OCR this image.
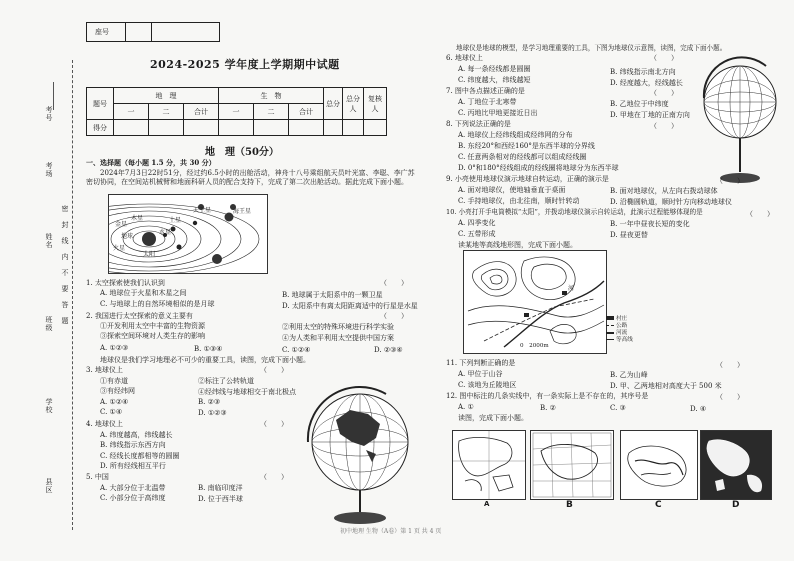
座号
2024-2025 学年度上学期期中试题
题号	地　理			生　物			总分	总分人	复核人
	一	二	合计	一	二	合计			
得分									
考号
考场
姓名
班级
学校
县区
密　封　线　内　不　要　答　题
地　理（50分）
一、选择题（每小题 1.5 分，共 30 分）
2024年7月3日22时51分，经过约6.5小时的出舱活动，神舟十八号乘组航天员叶光富、李聪、李广苏密切协同，在空间站机械臂和地面科研人员的配合支持下，完成了第二次出舱活动。据此完成下面小题。
天王星	海王星
土星
金星
木星
地球
太阳
火星
水星
1. 太空探索使我们认识到	（　　）
A. 地球位于火星和木星之间	B. 地球属于太阳系中的一颗卫星
C. 与地球上的自然环境相似的是月球	D. 太阳系中有离太阳距离适中的行星是水星
2. 我国进行太空探索的意义主要有	（　　）
①开发利用太空中丰富的生物资源	②利用太空的特殊环境进行科学实验
③探索空间环境对人类生存的影响	④为人类和平利用太空提供中国方案
A. ①②③	B. ①③④	C. ①②④	D. ②③④
地球仪是我们学习地理必不可少的重要工具，读图，完成下面小题。
3. 地球仪上	（　　）
①有赤道	②标注了公转轨道
③有经纬网	④经纬线与地球相交于南北极点
A. ①②④	B. ②③
C. ①④	D. ①②③
4. 地球仪上	（　　）
A. 纬度越高，纬线越长
B. 纬线指示东西方向
C. 经线长度都相等的圆圈
D. 所有经线相互平行
5. 中国	（　　）
A. 大部分位于北温带	B. 南临印度洋
C. 小部分位于高纬度	D. 位于西半球
地球仪是地球的模型，是学习地理重要的工具，下图为地球仪示意图，读图，完成下面小题。
6. 地球仪上	（　　）
A. 每一条经线都是圆圈	B. 纬线指示南北方向
C. 纬度越大，纬线越短	D. 经度越大，经线越长
7. 图中各点描述正确的是	（　　）
A. 丁地位于北寒带	B. 乙地位于中纬度
C. 丙地比甲地更接近日出	D. 甲地在丁地的正南方向
8. 下列说法正确的是	（　　）
A. 地球仪上经纬线组成经纬网的分布
B. 东经20°和西经160°是东西半球的分界线
C. 任意两条相对的经线都可以组成经线圈
D. 0°和180°经线组成的经线圈将地球分为东西半球
9. 小亮使用地球仪演示地球自转运动，正确的演示是	（　　）
A. 面对地球仪，使地轴垂直于桌面	B. 面对地球仪，从左向右拨动球体
C. 手持地球仪，由北往南，顺时针转动	D. 沿椭圆轨道，顺时针方向移动地球仪
10. 小亮打开手电筒模拟“太阳”，并拨动地球仪演示自转运动，此演示过程能够体现的是	（　　）
A. 四季变化	B. 一年中昼夜长短的变化
C. 五带形成	D. 昼夜更替
读某地等高线地形图，完成下面小题。
河
村庄
公路
河流
等高线
0　2000m
11. 下列判断正确的是	（　　）
A. 甲位于山谷	B. 乙为山峰
C. 该地为丘陵地区	D. 甲、乙两地相对高度大于 500 米
12. 图中标注的几条实线中，有一条实际上是不存在的，其序号是	（　　）
A. ①	B. ②	C. ③	D. ④
读图，完成下面小题。
A	B	C	D
初中地理 生物（A卷）第 1 页 共 4 页
